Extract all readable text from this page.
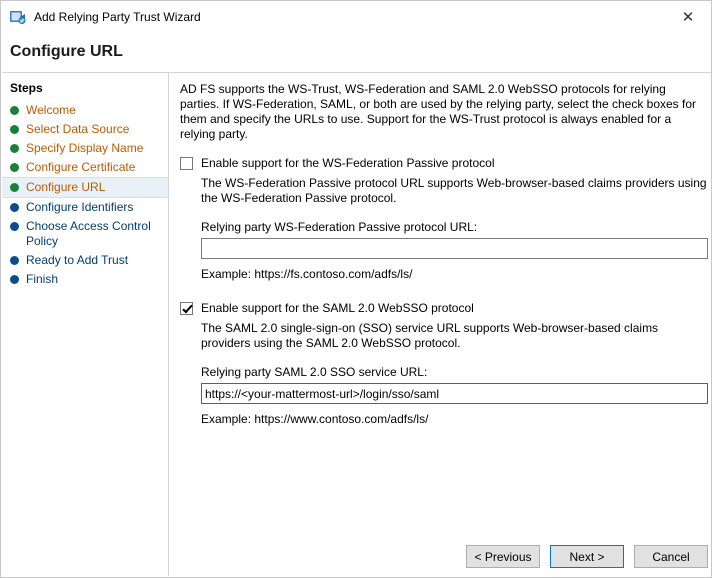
Add Relying Party Trust Wizard	✕
Configure URL
Steps
Welcome
Select Data Source
Specify Display Name
Configure Certificate
Configure URL
Configure Identifiers
Choose Access Control Policy
Ready to Add Trust
Finish
AD FS supports the WS-Trust, WS-Federation and SAML 2.0 WebSSO protocols for relying parties. If WS-Federation, SAML, or both are used by the relying party, select the check boxes for them and specify the URLs to use. Support for the WS-Trust protocol is always enabled for a relying party.
Enable support for the WS-Federation Passive protocol
The WS-Federation Passive protocol URL supports Web-browser-based claims providers using the WS-Federation Passive protocol.
Relying party WS-Federation Passive protocol URL:
Example: https://fs.contoso.com/adfs/ls/
Enable support for the SAML 2.0 WebSSO protocol
The SAML 2.0 single-sign-on (SSO) service URL supports Web-browser-based claims providers using the SAML 2.0 WebSSO protocol.
Relying party SAML 2.0 SSO service URL:
https://<your-mattermost-url>/login/sso/saml
Example: https://www.contoso.com/adfs/ls/
< Previous	Next >	Cancel
